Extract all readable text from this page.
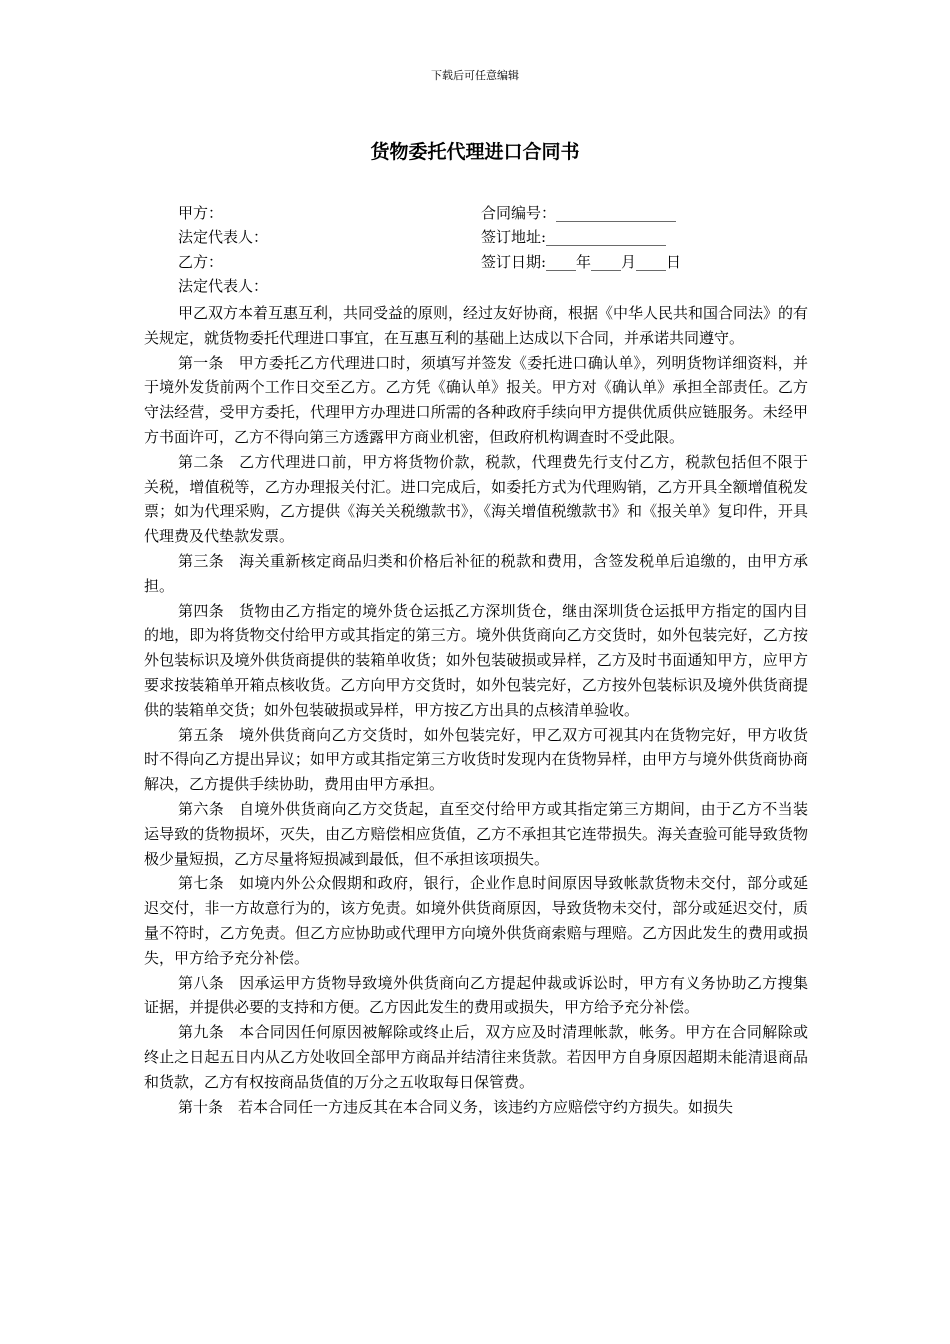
下载后可任意编辑
货物委托代理进口合同书
甲方：	合同编号：________________
法定代表人：	签订地址:________________
乙方：	签订日期:____年____月____日
法定代表人：

甲乙双方本着互惠互利，共同受益的原则，经过友好协商，根据《中华人民共和国合同法》的有关规定，就货物委托代理进口事宜，在互惠互利的基础上达成以下合同，并承诺共同遵守。

第一条 甲方委托乙方代理进口时，须填写并签发《委托进口确认单》，列明货物详细资料，并于境外发货前两个工作日交至乙方。乙方凭《确认单》报关。甲方对《确认单》承担全部责任。乙方守法经营，受甲方委托，代理甲方办理进口所需的各种政府手续向甲方提供优质供应链服务。未经甲方书面许可，乙方不得向第三方透露甲方商业机密，但政府机构调查时不受此限。

第二条 乙方代理进口前，甲方将货物价款，税款，代理费先行支付乙方，税款包括但不限于关税，增值税等，乙方办理报关付汇。进口完成后，如委托方式为代理购销，乙方开具全额增值税发票；如为代理采购，乙方提供《海关关税缴款书》，《海关增值税缴款书》和《报关单》复印件，开具代理费及代垫款发票。

第三条 海关重新核定商品归类和价格后补征的税款和费用，含签发税单后追缴的，由甲方承担。

第四条 货物由乙方指定的境外货仓运抵乙方深圳货仓，继由深圳货仓运抵甲方指定的国内目的地，即为将货物交付给甲方或其指定的第三方。境外供货商向乙方交货时，如外包装完好，乙方按外包装标识及境外供货商提供的装箱单收货；如外包装破损或异样，乙方及时书面通知甲方，应甲方要求按装箱单开箱点核收货。乙方向甲方交货时，如外包装完好，乙方按外包装标识及境外供货商提供的装箱单交货；如外包装破损或异样，甲方按乙方出具的点核清单验收。

第五条 境外供货商向乙方交货时，如外包装完好，甲乙双方可视其内在货物完好，甲方收货时不得向乙方提出异议；如甲方或其指定第三方收货时发现内在货物异样，由甲方与境外供货商协商解决，乙方提供手续协助，费用由甲方承担。

第六条 自境外供货商向乙方交货起，直至交付给甲方或其指定第三方期间，由于乙方不当装运导致的货物损坏，灭失，由乙方赔偿相应货值，乙方不承担其它连带损失。海关查验可能导致货物极少量短损，乙方尽量将短损减到最低，但不承担该项损失。

第七条 如境内外公众假期和政府，银行，企业作息时间原因导致帐款货物未交付，部分或延迟交付，非一方故意行为的，该方免责。如境外供货商原因，导致货物未交付，部分或延迟交付，质量不符时，乙方免责。但乙方应协助或代理甲方向境外供货商索赔与理赔。乙方因此发生的费用或损失，甲方给予充分补偿。

第八条 因承运甲方货物导致境外供货商向乙方提起仲裁或诉讼时，甲方有义务协助乙方搜集证据，并提供必要的支持和方便。乙方因此发生的费用或损失，甲方给予充分补偿。

第九条 本合同因任何原因被解除或终止后，双方应及时清理帐款，帐务。甲方在合同解除或终止之日起五日内从乙方处收回全部甲方商品并结清往来货款。若因甲方自身原因超期未能清退商品和货款，乙方有权按商品货值的万分之五收取每日保管费。

第十条 若本合同任一方违反其在本合同义务，该违约方应赔偿守约方损失。如损失
